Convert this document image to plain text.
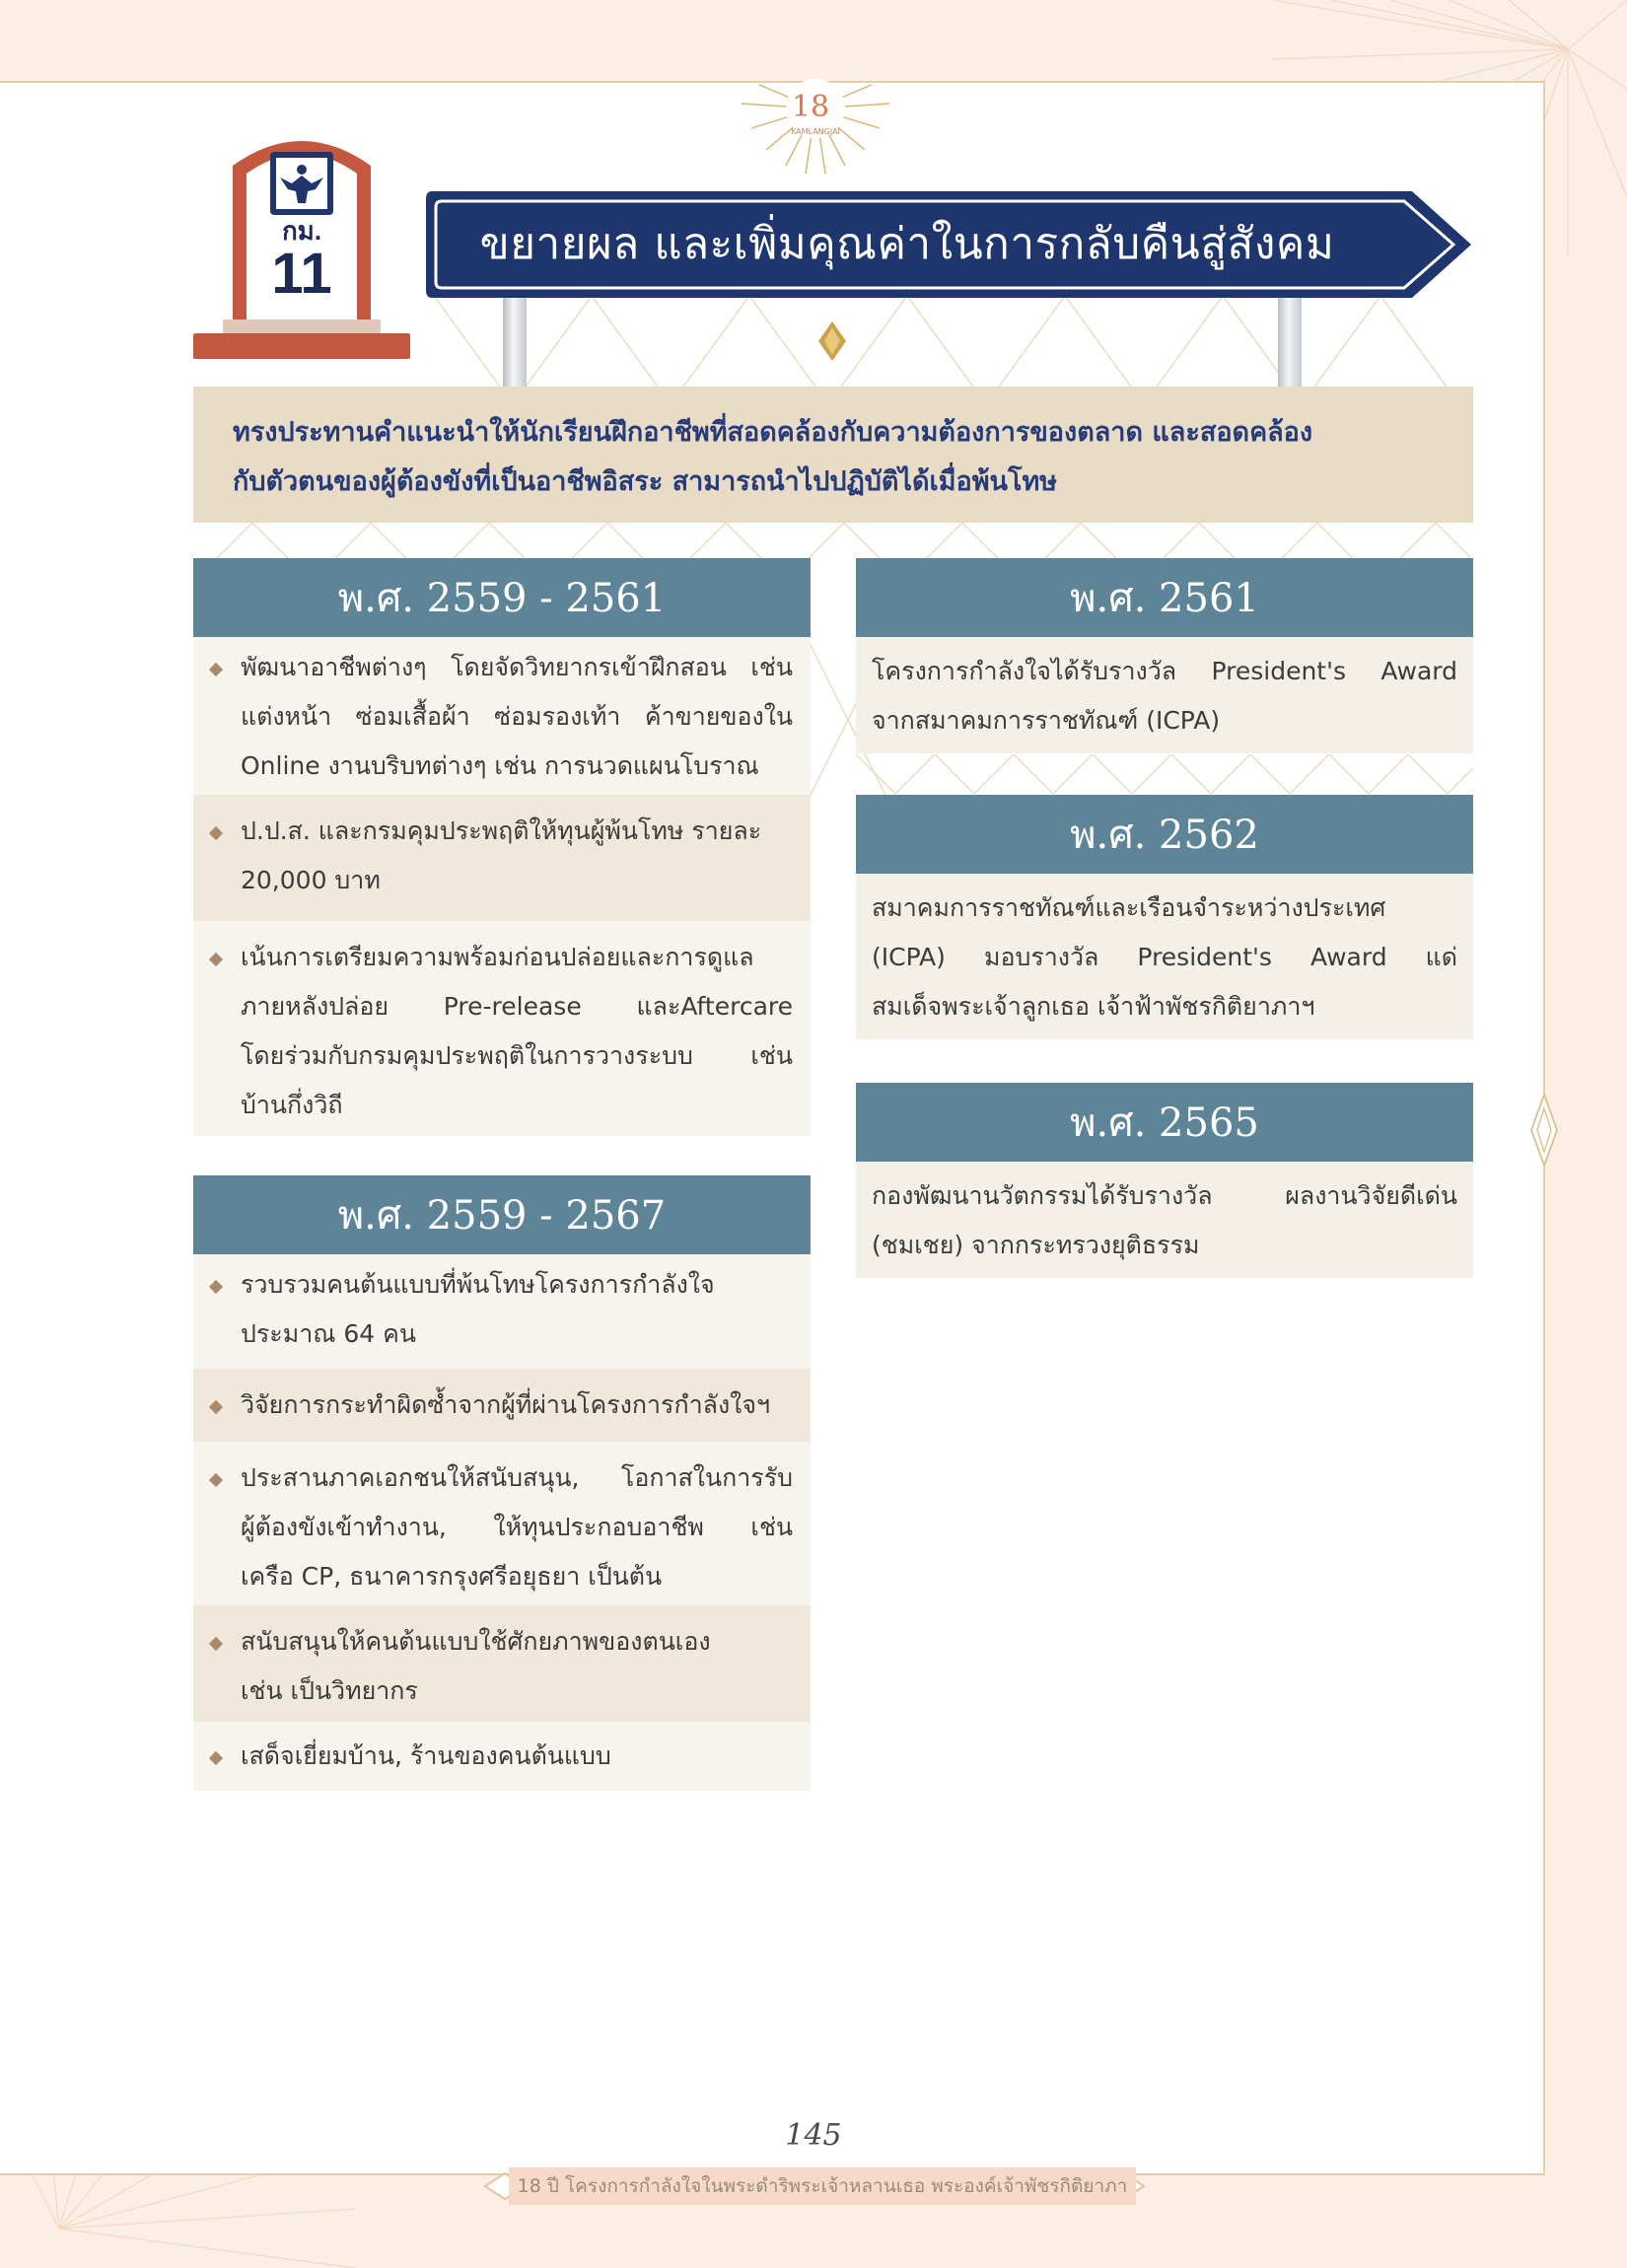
18
KAMLANGJAI
กม.
11	ขยายผล และเพิ่มคุณค่าในการกลับคืนสู่สังคม
ทรงประทานคำแนะนำให้นักเรียนฝึกอาชีพที่สอดคล้องกับความต้องการของตลาด และสอดคล้อง
กับตัวตนของผู้ต้องขังที่เป็นอาชีพอิสระ สามารถนำไปปฏิบัติได้เมื่อพ้นโทษ
พ.ศ. 2559 - 2561
พัฒนาอาชีพต่างๆ โดยจัดวิทยากรเข้าฝึกสอน เช่น
แต่งหน้า ซ่อมเสื้อผ้า ซ่อมรองเท้า ค้าขายของใน
Online งานบริบทต่างๆ เช่น การนวดแผนโบราณ
ป.ป.ส. และกรมคุมประพฤติให้ทุนผู้พ้นโทษ รายละ
20,000 บาท
เน้นการเตรียมความพร้อมก่อนปล่อยและการดูแล
ภายหลังปล่อย Pre-release และAftercare
โดยร่วมกับกรมคุมประพฤติในการวางระบบ เช่น
บ้านกึ่งวิถี
พ.ศ. 2559 - 2567
รวบรวมคนต้นแบบที่พ้นโทษโครงการกำลังใจ
ประมาณ 64 คน
วิจัยการกระทำผิดซ้ำจากผู้ที่ผ่านโครงการกำลังใจฯ
ประสานภาคเอกชนให้สนับสนุน, โอกาสในการรับ
ผู้ต้องขังเข้าทำงาน, ให้ทุนประกอบอาชีพ เช่น
เครือ CP, ธนาคารกรุงศรีอยุธยา เป็นต้น
สนับสนุนให้คนต้นแบบใช้ศักยภาพของตนเอง
เช่น เป็นวิทยากร
เสด็จเยี่ยมบ้าน, ร้านของคนต้นแบบ
พ.ศ. 2561
โครงการกำลังใจได้รับรางวัล President's Award
จากสมาคมการราชทัณฑ์ (ICPA)
พ.ศ. 2562
สมาคมการราชทัณฑ์และเรือนจำระหว่างประเทศ
(ICPA) มอบรางวัล President's Award แด่
สมเด็จพระเจ้าลูกเธอ เจ้าฟ้าพัชรกิติยาภาฯ
พ.ศ. 2565
กองพัฒนานวัตกรรมได้รับรางวัล ผลงานวิจัยดีเด่น
(ชมเชย) จากกระทรวงยุติธรรม
145
18 ปี โครงการกำลังใจในพระดำริพระเจ้าหลานเธอ พระองค์เจ้าพัชรกิติยาภา
